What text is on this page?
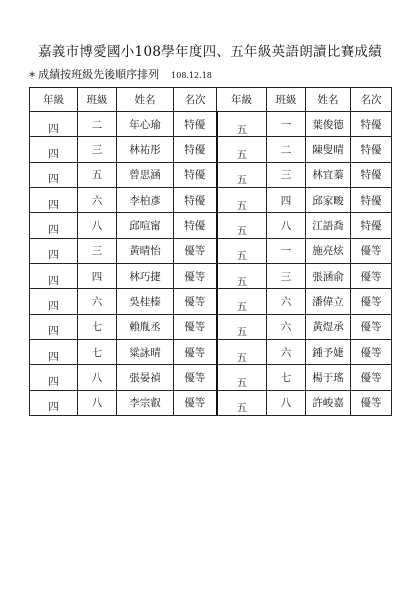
嘉義市博愛國小108學年度四、五年級英語朗讀比賽成績
∗ 成績按班級先後順序排列 108.12.18
年級	班級	姓名	名次	年級	班級	姓名	名次
四	二	年心瑜	特優	五	一	葉俊德	特優
四	三	林祐彤	特優	五	二	陳叟晴	特優
四	五	曾思涵	特優	五	三	林宜蓁	特優
四	六	李柏彥	特優	五	四	邱家畯	特優
四	八	邱喧甯	特優	五	八	江語喬	特優
四	三	黃晴怡	優等	五	一	施亮炫	優等
四	四	林巧捷	優等	五	三	張涵俞	優等
四	六	吳桂榛	優等	五	六	潘偉立	優等
四	七	賴胤丞	優等	五	六	黃煜承	優等
四	七	粱詠晴	優等	五	六	鍾予婕	優等
四	八	張晏禎	優等	五	七	楊于瑤	優等
四	八	李宗叡	優等	五	八	許峻嘉	優等
